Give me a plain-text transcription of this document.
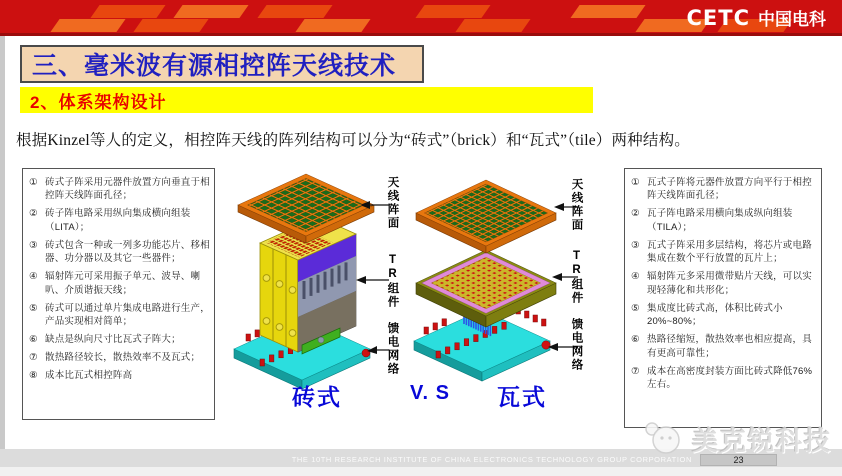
CETC 中国电科
三、毫米波有源相控阵天线技术
2、体系架构设计
根据Kinzel等人的定义，相控阵天线的阵列结构可以分为“砖式”（brick）和“瓦式”（tile）两种结构。
① 砖式子阵采用元器件放置方向垂直于相控阵天线阵面孔径；
② 砖子阵电路采用纵向集成横向组装（LITA）；
③ 砖式包含一种或一列多功能芯片、移相器、功分器以及其它一些器件；
④ 辐射阵元可采用振子单元、波导、喇叭、介质谐振天线；
⑤ 砖式可以通过单片集成电路进行生产，产品实现相对简单；
⑥ 缺点是纵向尺寸比瓦式子阵大；
⑦ 散热路径较长，散热效率不及瓦式；
⑧ 成本比瓦式相控阵高
① 瓦式子阵将元器件放置方向平行于相控阵天线阵面孔径；
② 瓦子阵电路采用横向集成纵向组装（TILA）；
③ 瓦式子阵采用多层结构，将芯片或电路集成在数个平行放置的瓦片上；
④ 辐射阵元多采用微带贴片天线，可以实现轻薄化和共形化；
⑤ 集成度比砖式高，体积比砖式小20%~80%；
⑥ 热路径缩短，散热效率也相应提高，具有更高可靠性；
⑦ 成本在高密度封装方面比砖式降低76%左右。
天线阵面
TR组件
馈电网络
天线阵面
TR组件
馈电网络
砖式	V. S 瓦式
美克锐科技
THE 10TH RESEARCH INSTITUTE OF CHINA ELECTRONICS TECHNOLOGY GROUP CORPORATION	23
